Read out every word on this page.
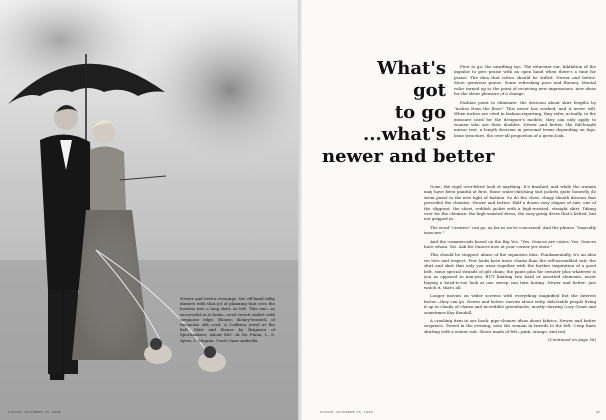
Newer and better evenings: the off-hand talky dinners with that jot of planning that sees the hostess into a long skirt, as left. This one—as successful as it looks—wool tweed ombré with turquoise edge. Blouse, dickey-fronted, of turquoise silk cord. A Cadbury jewel at the belt. Skirt and blouse by Brigance of Sportmakers; About $65. At De Pinna; L. S. Ayres; I. Magnin. Uncle Sam umbrella.
VOGUE, OCTOBER 15, 1956
What's
got
to go
...what's
newer and better

First to go: the unwilling eye. The reluctant ear. Inhibition of the impulse to give praise with an open hand when there's a time for praise. The idea that critics should be stifled. Newer and better: More generous praise. Some refreshing pace and fluency. Mental valor turned up to the point of receiving new impressions, new ideas for the sheer pleasure of a change.

Fashion point to eliminate: the decision about skirt lengths by "inches from the floor." This never has worked, and it never will. When inches are cited in fashion reporting, they refer, actually, to the measure used for the designer's models; they can only apply to women who are their doubles. Newer and better: the full-length mirror test, a length decision in personal terms depending on legs, bone structure, the over-all proportion of a given look.

Gone: the rigid over-fitted look of anything. It's finished, and while the women may have been painful at first, those waist-clutching suit jackets quite honestly do seem passé in the new light of fashion. So do the close, clingy sheath dresses that preceded the chemise. Newer and better: Half a dozen easy shapes of suit; one of the slippiest, the short, reddish jacket with a high-waisted, straight skirt. Taking over for the chemise: the high-waisted dress; the easy-going dress that's belted, but not gripped in.

The word "creative" can go, as far as we're concerned. And the phrase, "basically insecure."

And the commercials based on the Big Yes. "Yes, Ounces are cuties. Yes, Ounces have whom. Yes. Ask for Ounces now at your corner yes store."

This should be stopped: abuse of the separates idea. Fundamentally, it's an idea we love and respect. Few looks have more charm than the self-assembled suit; the shirt and skirt that only you wear together with the further inspiration of a good belt, some special strands of gilt chain; the pants plus fur sweater plus whatever is you as opposed to non-you. BUT limiting two hard or assorted elements, never buying a head-to-toe look at one sweep can turn boring. Newer and better: just watch it, that's all.

Longer movies on wider screens with everything magnified but the interest factor—they can go. Newer and better: movies about witty, delectable people living it up in clouds of charm and incredible greenbacks; mostly starring Cary Grant and sometimes Kay Kendall.

A crushing item in our book: pipe-cleaner ideas about fabrics. Newer and better surprises. Tweed in the evening; note the woman in tweeds to the left. Crisp linen shirting with a winter suit. Shoes made of felt—pink, orange, and red.

(Continued on page 56)
VOGUE, OCTOBER 15, 1956	47
